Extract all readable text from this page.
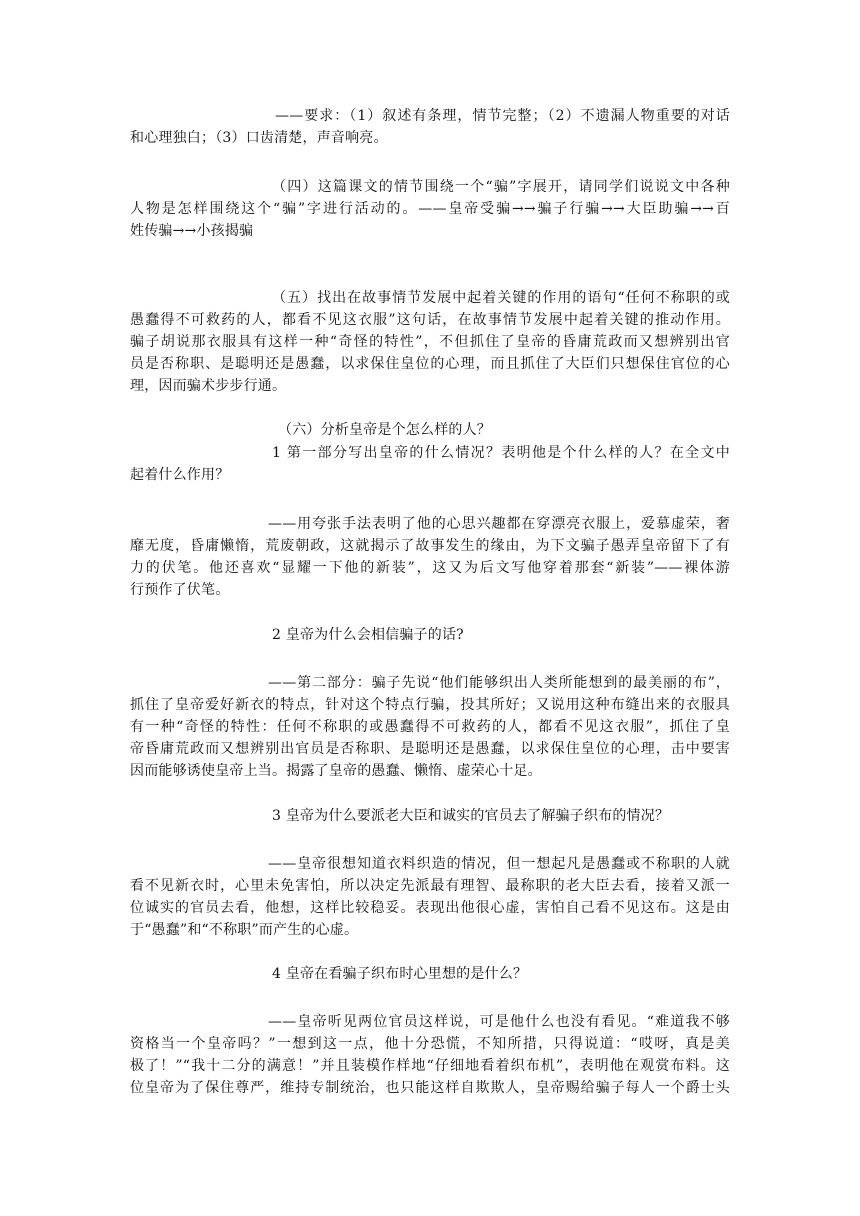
——要求：（1）叙述有条理，情节完整；（2）不遗漏人物重要的对话
和心理独白；（3）口齿清楚，声音响亮。
（四）这篇课文的情节围绕一个“骗”字展开，请同学们说说文中各种
人物是怎样围绕这个“骗”字进行活动的。——皇帝受骗→→骗子行骗→→大臣助骗→→百
姓传骗→→小孩揭骗
（五）找出在故事情节发展中起着关键的作用的语句“任何不称职的或
愚蠢得不可救药的人，都看不见这衣服”这句话，在故事情节发展中起着关键的推动作用。
骗子胡说那衣服具有这样一种“奇怪的特性”，不但抓住了皇帝的昏庸荒政而又想辨别出官
员是否称职、是聪明还是愚蠢，以求保住皇位的心理，而且抓住了大臣们只想保住官位的心
理，因而骗术步步行通。
（六）分析皇帝是个怎么样的人？
1 第一部分写出皇帝的什么情况？表明他是个什么样的人？在全文中
起着什么作用？
——用夸张手法表明了他的心思兴趣都在穿漂亮衣服上，爱慕虚荣，奢
靡无度，昏庸懒惰，荒废朝政，这就揭示了故事发生的缘由，为下文骗子愚弄皇帝留下了有
力的伏笔。他还喜欢“显耀一下他的新装”，这又为后文写他穿着那套“新装”——裸体游
行预作了伏笔。
2 皇帝为什么会相信骗子的话?
——第二部分：骗子先说“他们能够织出人类所能想到的最美丽的布”，
抓住了皇帝爱好新衣的特点，针对这个特点行骗，投其所好；又说用这种布缝出来的衣服具
有一种“奇怪的特性：任何不称职的或愚蠢得不可救药的人，都看不见这衣服”，抓住了皇
帝昏庸荒政而又想辨别出官员是否称职、是聪明还是愚蠢，以求保住皇位的心理，击中要害
因而能够诱使皇帝上当。揭露了皇帝的愚蠢、懒惰、虚荣心十足。
3 皇帝为什么要派老大臣和诚实的官员去了解骗子织布的情况？
——皇帝很想知道衣料织造的情况，但一想起凡是愚蠢或不称职的人就
看不见新衣时，心里未免害怕，所以决定先派最有理智、最称职的老大臣去看，接着又派一
位诚实的官员去看，他想，这样比较稳妥。表现出他很心虚，害怕自己看不见这布。这是由
于“愚蠢”和“不称职”而产生的心虚。
4 皇帝在看骗子织布时心里想的是什么？
——皇帝听见两位官员这样说，可是他什么也没有看见。“难道我不够
资格当一个皇帝吗？”一想到这一点，他十分恐慌，不知所措，只得说道：“哎呀，真是美
极了！”“我十二分的满意！”并且装模作样地“仔细地看着织布机”，表明他在观赏布料。这
位皇帝为了保住尊严，维持专制统治，也只能这样自欺欺人，皇帝赐给骗子每人一个爵士头
